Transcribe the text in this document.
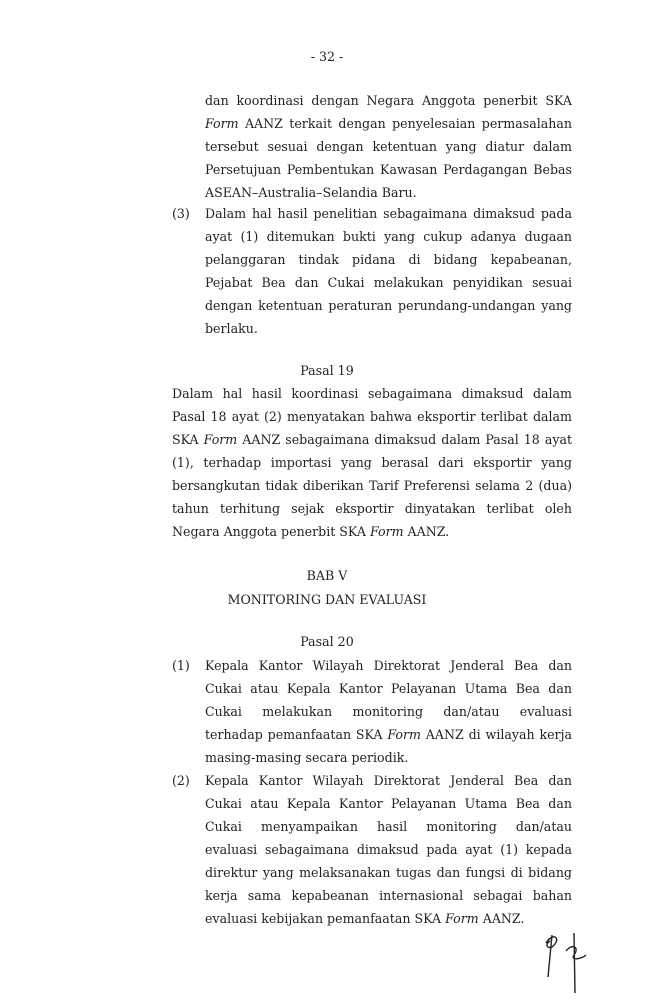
- 32 -
dan koordinasi dengan Negara Anggota penerbit SKA
Form AANZ terkait dengan penyelesaian permasalahan
tersebut sesuai dengan ketentuan yang diatur dalam
Persetujuan Pembentukan Kawasan Perdagangan Bebas
ASEAN–Australia–Selandia Baru.
(3) Dalam hal hasil penelitian sebagaimana dimaksud pada
ayat (1) ditemukan bukti yang cukup adanya dugaan
pelanggaran tindak pidana di bidang kepabeanan,
Pejabat Bea dan Cukai melakukan penyidikan sesuai
dengan ketentuan peraturan perundang-undangan yang
berlaku.
Pasal 19
Dalam hal hasil koordinasi sebagaimana dimaksud dalam
Pasal 18 ayat (2) menyatakan bahwa eksportir terlibat dalam
SKA Form AANZ sebagaimana dimaksud dalam Pasal 18 ayat
(1), terhadap importasi yang berasal dari eksportir yang
bersangkutan tidak diberikan Tarif Preferensi selama 2 (dua)
tahun terhitung sejak eksportir dinyatakan terlibat oleh
Negara Anggota penerbit SKA Form AANZ.
BAB V
MONITORING DAN EVALUASI
Pasal 20
(1) Kepala Kantor Wilayah Direktorat Jenderal Bea dan
Cukai atau Kepala Kantor Pelayanan Utama Bea dan
Cukai melakukan monitoring dan/atau evaluasi
terhadap pemanfaatan SKA Form AANZ di wilayah kerja
masing-masing secara periodik.
(2) Kepala Kantor Wilayah Direktorat Jenderal Bea dan
Cukai atau Kepala Kantor Pelayanan Utama Bea dan
Cukai menyampaikan hasil monitoring dan/atau
evaluasi sebagaimana dimaksud pada ayat (1) kepada
direktur yang melaksanakan tugas dan fungsi di bidang
kerja sama kepabeanan internasional sebagai bahan
evaluasi kebijakan pemanfaatan SKA Form AANZ.
